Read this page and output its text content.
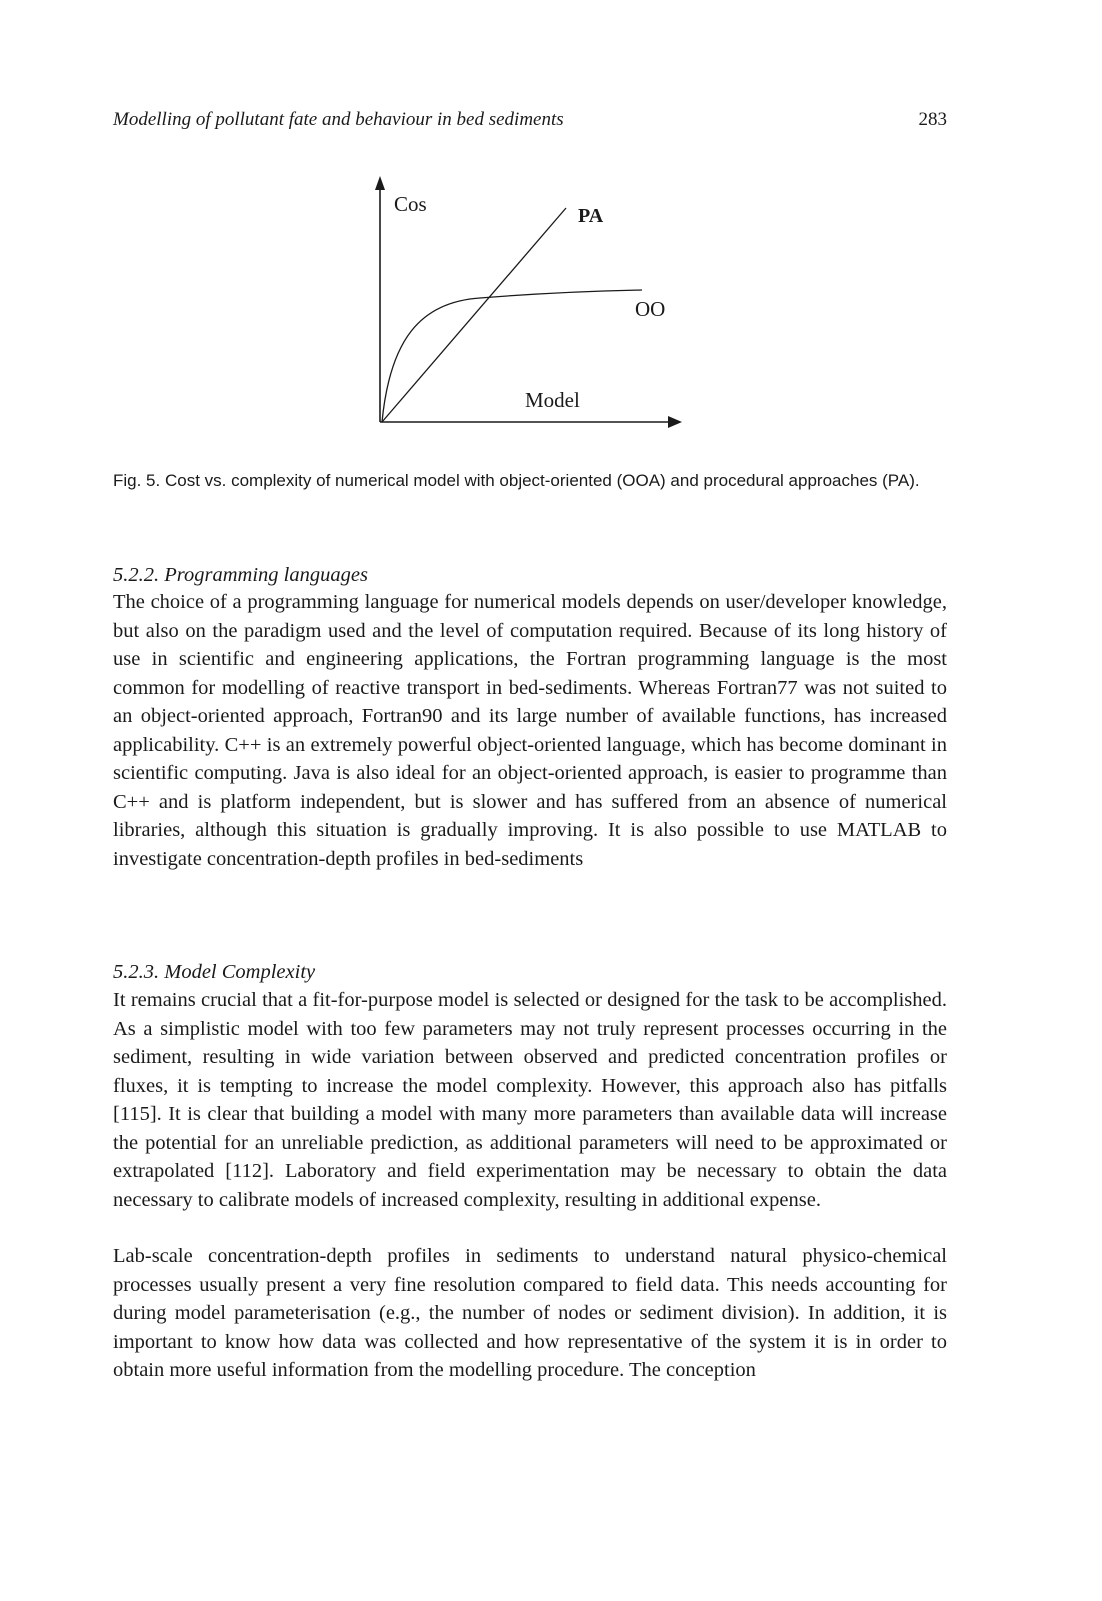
Modelling of pollutant fate and behaviour in bed sediments	283
Cos	PA
OO
Model
Fig. 5. Cost vs. complexity of numerical model with object-oriented (OOA) and procedural approaches (PA).
5.2.2. Programming languages

The choice of a programming language for numerical models depends on user/developer knowledge, but also on the paradigm used and the level of computation required. Because of its long history of use in scientific and engineering applications, the Fortran programming language is the most common for modelling of reactive transport in bed-sediments. Whereas Fortran77 was not suited to an object-oriented approach, Fortran90 and its large number of available functions, has increased applicability. C++ is an extremely powerful object-oriented language, which has become dominant in scientific computing. Java is also ideal for an object-oriented approach, is easier to programme than C++ and is platform independent, but is slower and has suffered from an absence of numerical libraries, although this situation is gradually improving. It is also possible to use MATLAB to investigate concentration-depth profiles in bed-sediments

5.2.3. Model Complexity

It remains crucial that a fit-for-purpose model is selected or designed for the task to be accomplished. As a simplistic model with too few parameters may not truly represent processes occurring in the sediment, resulting in wide variation between observed and predicted concentration profiles or fluxes, it is tempting to increase the model complexity. However, this approach also has pitfalls [115]. It is clear that building a model with many more parameters than available data will increase the potential for an unreliable prediction, as additional parameters will need to be approximated or extrapolated [112]. Laboratory and field experimentation may be necessary to obtain the data necessary to calibrate models of increased complexity, resulting in additional expense.

Lab-scale concentration-depth profiles in sediments to understand natural physico-chemical processes usually present a very fine resolution compared to field data. This needs accounting for during model parameterisation (e.g., the number of nodes or sediment division). In addition, it is important to know how data was collected and how representative of the system it is in order to obtain more useful information from the modelling procedure. The conception
